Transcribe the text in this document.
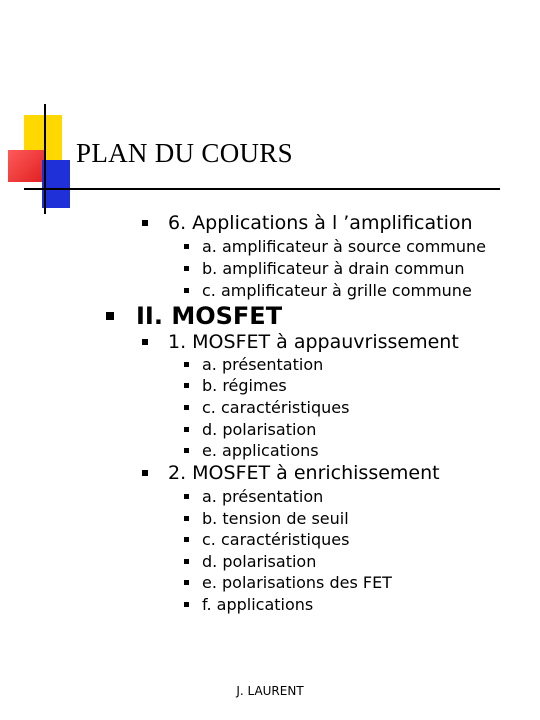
PLAN DU COURS
6. Applications à l ’amplification
a. amplificateur à source commune
b. amplificateur à drain commun
c. amplificateur à grille commune
II. MOSFET
1. MOSFET à appauvrissement
a. présentation
b. régimes
c. caractéristiques
d. polarisation
e. applications
2. MOSFET à enrichissement
a. présentation
b. tension de seuil
c. caractéristiques
d. polarisation
e. polarisations des FET
f. applications
J. LAURENT
